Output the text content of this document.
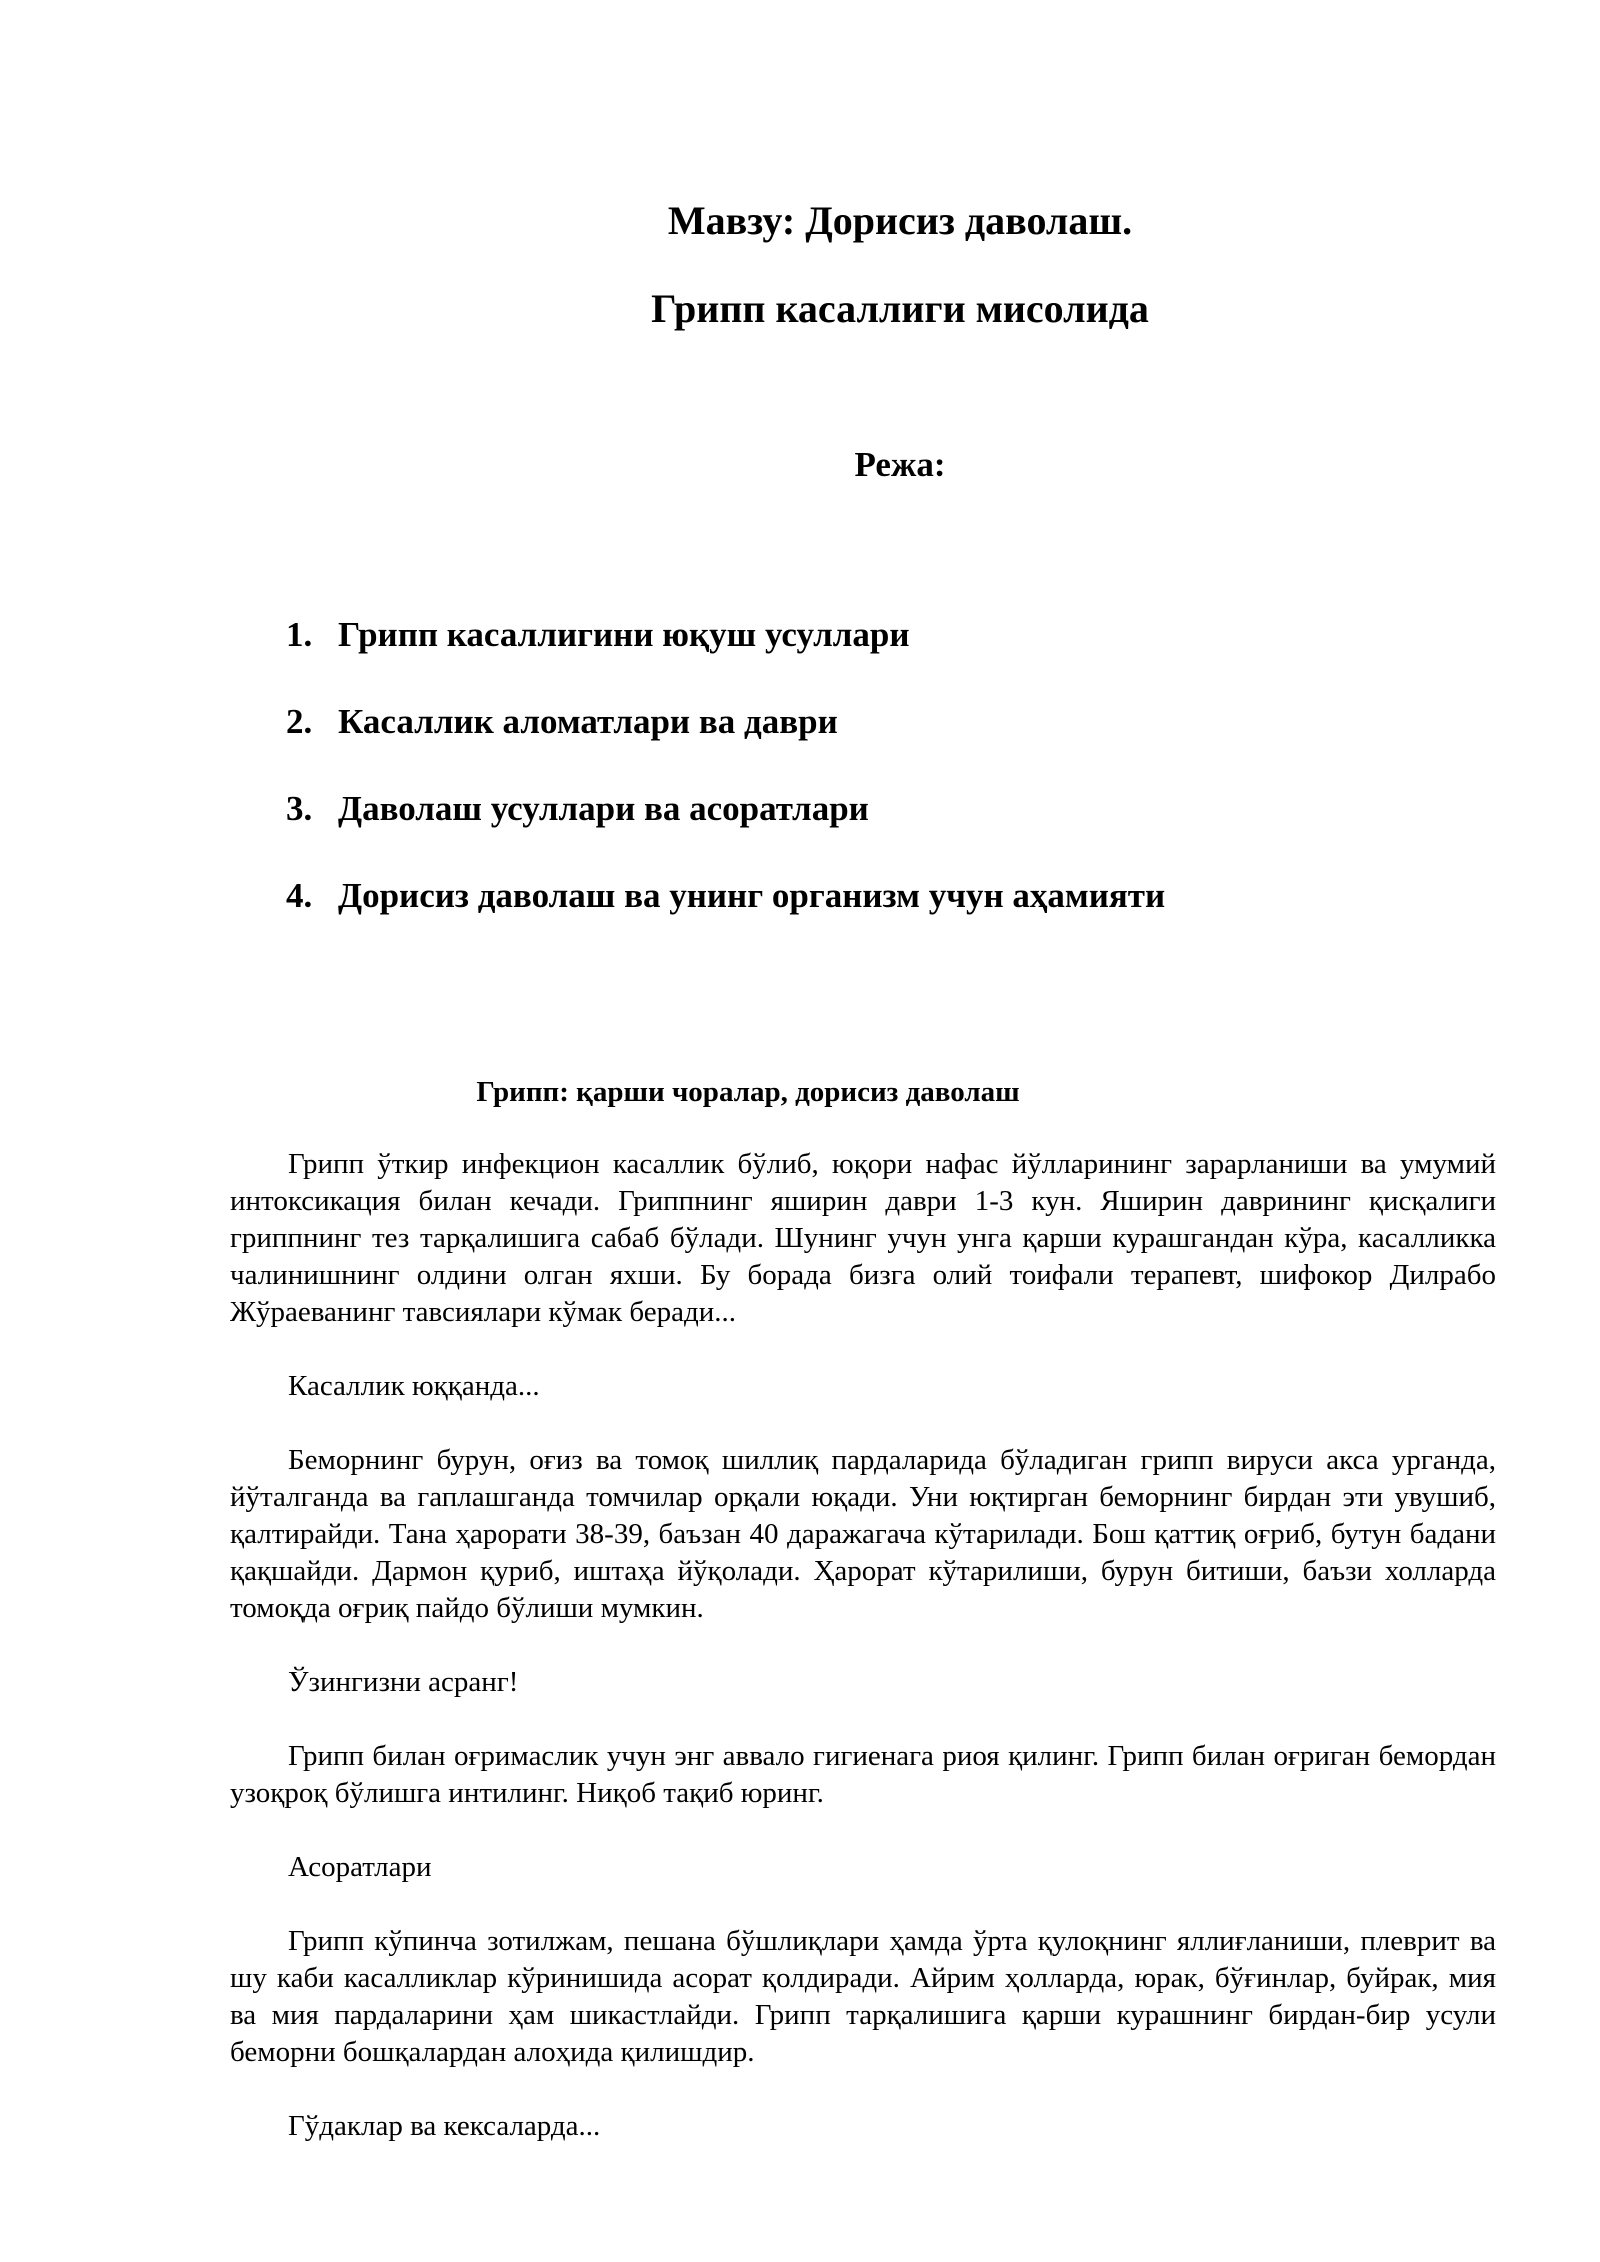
Мавзу: Дорисиз даволаш.

Грипп касаллиги мисолида

Режа:

1. Грипп касаллигини юқуш усуллари
2. Касаллик аломатлари ва даври
3. Даволаш усуллари ва асоратлари
4. Дорисиз даволаш ва унинг организм учун аҳамияти

Грипп: қарши чоралар, дорисиз даволаш

Грипп ўткир инфекцион касаллик бўлиб, юқори нафас йўлларининг зарарланиши ва умумий интоксикация билан кечади. Гриппнинг яширин даври 1-3 кун. Яширин даврининг қисқалиги гриппнинг тез тарқалишига сабаб бўлади. Шунинг учун унга қарши курашгандан кўра, касалликка чалинишнинг олдини олган яхши. Бу борада бизга олий тоифали терапевт, шифокор Дилрабо Жўраеванинг тавсиялари кўмак беради...

Касаллик юққанда...

Беморнинг бурун, оғиз ва томоқ шиллиқ пардаларида бўладиган грипп вируси акса урганда, йўталганда ва гаплашганда томчилар орқали юқади. Уни юқтирган беморнинг бирдан эти увушиб, қалтирайди. Тана ҳарорати 38-39, баъзан 40 даражагача кўтарилади. Бош қаттиқ оғриб, бутун бадани қақшайди. Дармон қуриб, иштаҳа йўқолади. Ҳарорат кўтарилиши, бурун битиши, баъзи холларда томоқда оғриқ пайдо бўлиши мумкин.

Ўзингизни асранг!

Грипп билан оғримаслик учун энг аввало гигиенага риоя қилинг. Грипп билан оғриган бемордан узоқроқ бўлишга интилинг. Ниқоб тақиб юринг.

Асоратлари

Грипп кўпинча зотилжам, пешана бўшлиқлари ҳамда ўрта қулоқнинг яллиғланиши, плеврит ва шу каби касалликлар кўринишида асорат қолдиради. Айрим ҳолларда, юрак, бўғинлар, буйрак, мия ва мия пардаларини ҳам шикастлайди. Грипп тарқалишига қарши курашнинг бирдан-бир усули беморни бошқалардан алоҳида қилишдир.

Гўдаклар ва кексаларда...
